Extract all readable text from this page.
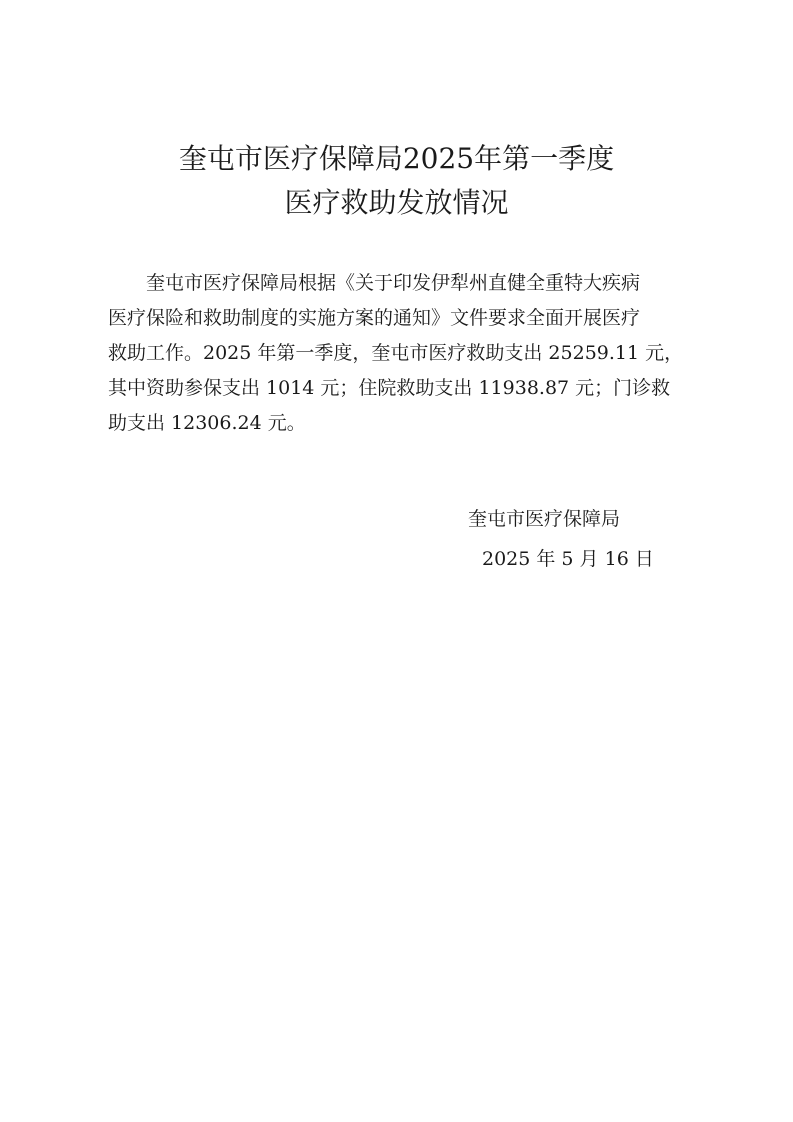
奎屯市医疗保障局2025年第一季度
医疗救助发放情况
奎屯市医疗保障局根据《关于印发伊犁州直健全重特大疾病
医疗保险和救助制度的实施方案的通知》文件要求全面开展医疗
救助工作。2025 年第一季度，奎屯市医疗救助支出 25259.11 元，
其中资助参保支出 1014 元；住院救助支出 11938.87 元；门诊救
助支出 12306.24 元。
奎屯市医疗保障局
2025 年 5 月 16 日
